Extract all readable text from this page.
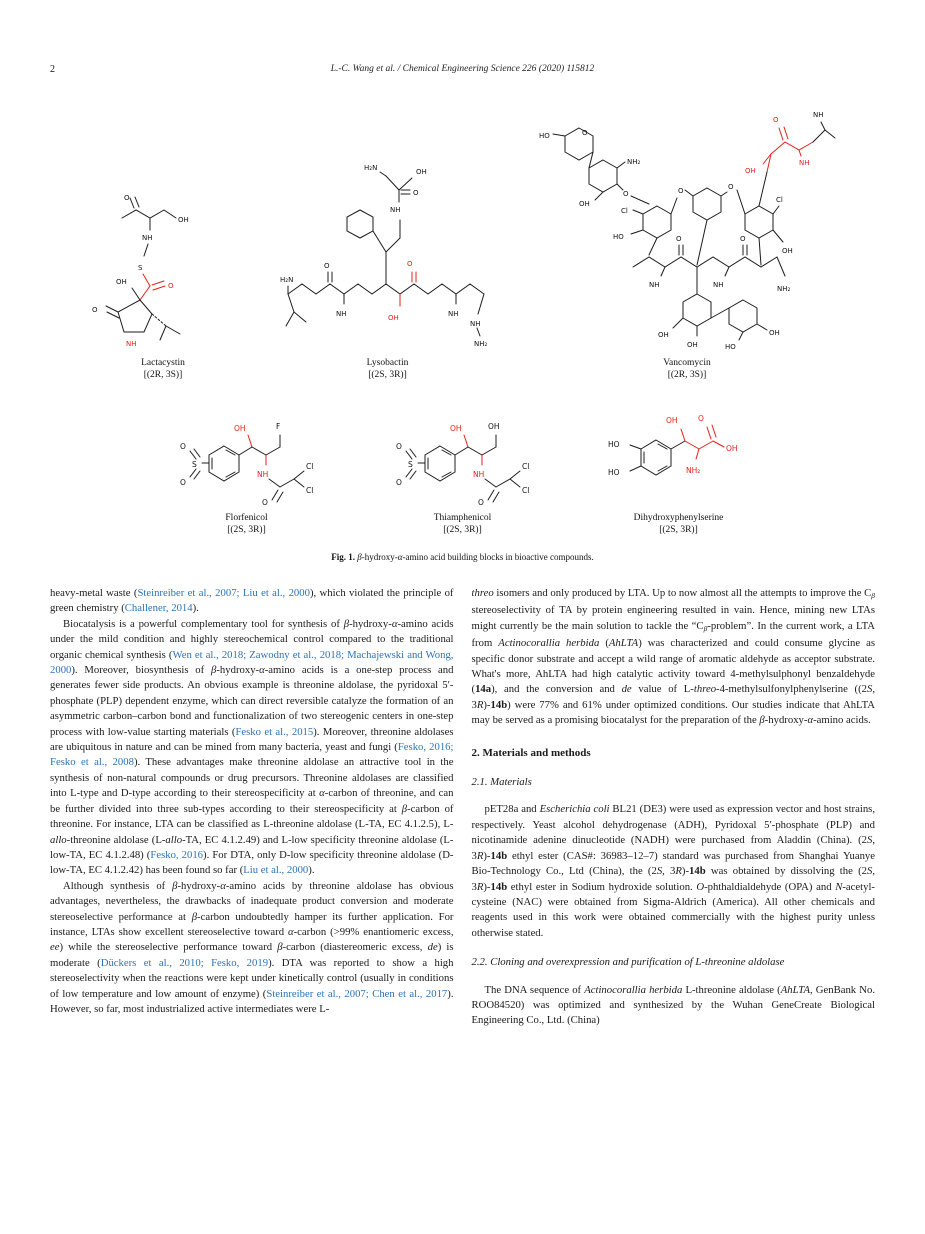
2	L.-C. Wang et al. / Chemical Engineering Science 226 (2020) 115812
O
OH
NH
S
O
O
OH
NH
Lactacystin
[(2R, 3S)]
H₂N
O
NH
O
OH	NH
NH
O
H₂N	OH
NH
NH₂
Lysobactin
[(2S, 3R)]
HO	O
NH₂
OH
O
Cl
O	O
Cl
HO	O
NH
O
NH	NH₂
OH
OH
OH	HO
OH
O
OH
NH
NH
Vancomycin
[(2R, 3S)]
O
S
O
OH
NH
F
O
Cl
Cl
Florfenicol
[(2S, 3R)]
O
S
O
OH
NH
OH
O
Cl
Cl
Thiamphenicol
[(2S, 3R)]
HO
HO
OH
NH₂
O
OH
Dihydroxyphenylserine
[(2S, 3R)]
Fig. 1. β-hydroxy-α-amino acid building blocks in bioactive compounds.
heavy-metal waste (Steinreiber et al., 2007; Liu et al., 2000), which violated the principle of green chemistry (Challener, 2014).
Biocatalysis is a powerful complementary tool for synthesis of β-hydroxy-α-amino acids under the mild condition and highly stereochemical control compared to the traditional organic chemical synthesis (Wen et al., 2018; Zawodny et al., 2018; Machajewski and Wong, 2000). Moreover, biosynthesis of β-hydroxy-α-amino acids is a one-step process and generates fewer side products. An obvious example is threonine aldolase, the pyridoxal 5′-phosphate (PLP) dependent enzyme, which can direct reversible catalyze the formation of an asymmetric carbon–carbon bond and functionalization of two stereogenic centers in one-step process with low-value starting materials (Fesko et al., 2015). Moreover, threonine aldolases are ubiquitous in nature and can be mined from many bacteria, yeast and fungi (Fesko, 2016; Fesko et al., 2008). These advantages make threonine aldolase an attractive tool in the synthesis of non-natural compounds or drug precursors. Threonine aldolases are classified into L-type and D-type according to their stereospecificity at α-carbon of threonine, and can be further divided into three sub-types according to their stereospecificity at β-carbon of threonine. For instance, LTA can be classified as L-threonine aldolase (L-TA, EC 4.1.2.5), L-allo-threonine aldolase (L-allo-TA, EC 4.1.2.49) and L-low specificity threonine aldolase (L-low-TA, EC 4.1.2.48) (Fesko, 2016). For DTA, only D-low specificity threonine aldolase (D-low-TA, EC 4.1.2.42) has been found so far (Liu et al., 2000).
Although synthesis of β-hydroxy-α-amino acids by threonine aldolase has obvious advantages, nevertheless, the drawbacks of inadequate product conversion and moderate stereoselective performance at β-carbon undoubtedly hamper its further application. For instance, LTAs show excellent stereoselective toward α-carbon (>99% enantiomeric excess, ee) while the stereoselective performance toward β-carbon (diastereomeric excess, de) is moderate (Dückers et al., 2010; Fesko, 2019). DTA was reported to show a high stereoselectivity when the reactions were kept under kinetically control (usually in conditions of low temperature and low amount of enzyme) (Steinreiber et al., 2007; Chen et al., 2017). However, so far, most industrialized active intermediates were L-
threo isomers and only produced by LTA. Up to now almost all the attempts to improve the Cβ stereoselectivity of TA by protein engineering resulted in vain. Hence, mining new LTAs might currently be the main solution to tackle the “Cβ-problem”. In the current work, a LTA from Actinocorallia herbida (AhLTA) was characterized and could consume glycine as specific donor substrate and accept a wild range of aromatic aldehyde as acceptor substrate. What's more, AhLTA had high catalytic activity toward 4-methylsulphonyl benzaldehyde (14a), and the conversion and de value of L-threo-4-methylsulfonylphenylserine ((2S, 3R)-14b) were 77% and 61% under optimized conditions. Our studies indicate that AhLTA may be served as a promising biocatalyst for the preparation of the β-hydroxy-α-amino acids.
2. Materials and methods
2.1. Materials
pET28a and Escherichia coli BL21 (DE3) were used as expression vector and host strains, respectively. Yeast alcohol dehydrogenase (ADH), Pyridoxal 5′-phosphate (PLP) and nicotinamide adenine dinucleotide (NADH) were purchased from Aladdin (China). (2S, 3R)-14b ethyl ester (CAS#: 36983–12–7) standard was purchased from Shanghai Yuanye Bio-Technology Co., Ltd (China), the (2S, 3R)-14b was obtained by dissolving the (2S, 3R)-14b ethyl ester in Sodium hydroxide solution. O-phthaldialdehyde (OPA) and N-acetyl-cysteine (NAC) were obtained from Sigma-Aldrich (America). All other chemicals and reagents used in this work were obtained commercially with the highest purity unless otherwise stated.
2.2. Cloning and overexpression and purification of L-threonine aldolase
The DNA sequence of Actinocorallia herbida L-threonine aldolase (AhLTA, GenBank No. ROO84520) was optimized and synthesized by the Wuhan GeneCreate Biological Engineering Co., Ltd. (China)
